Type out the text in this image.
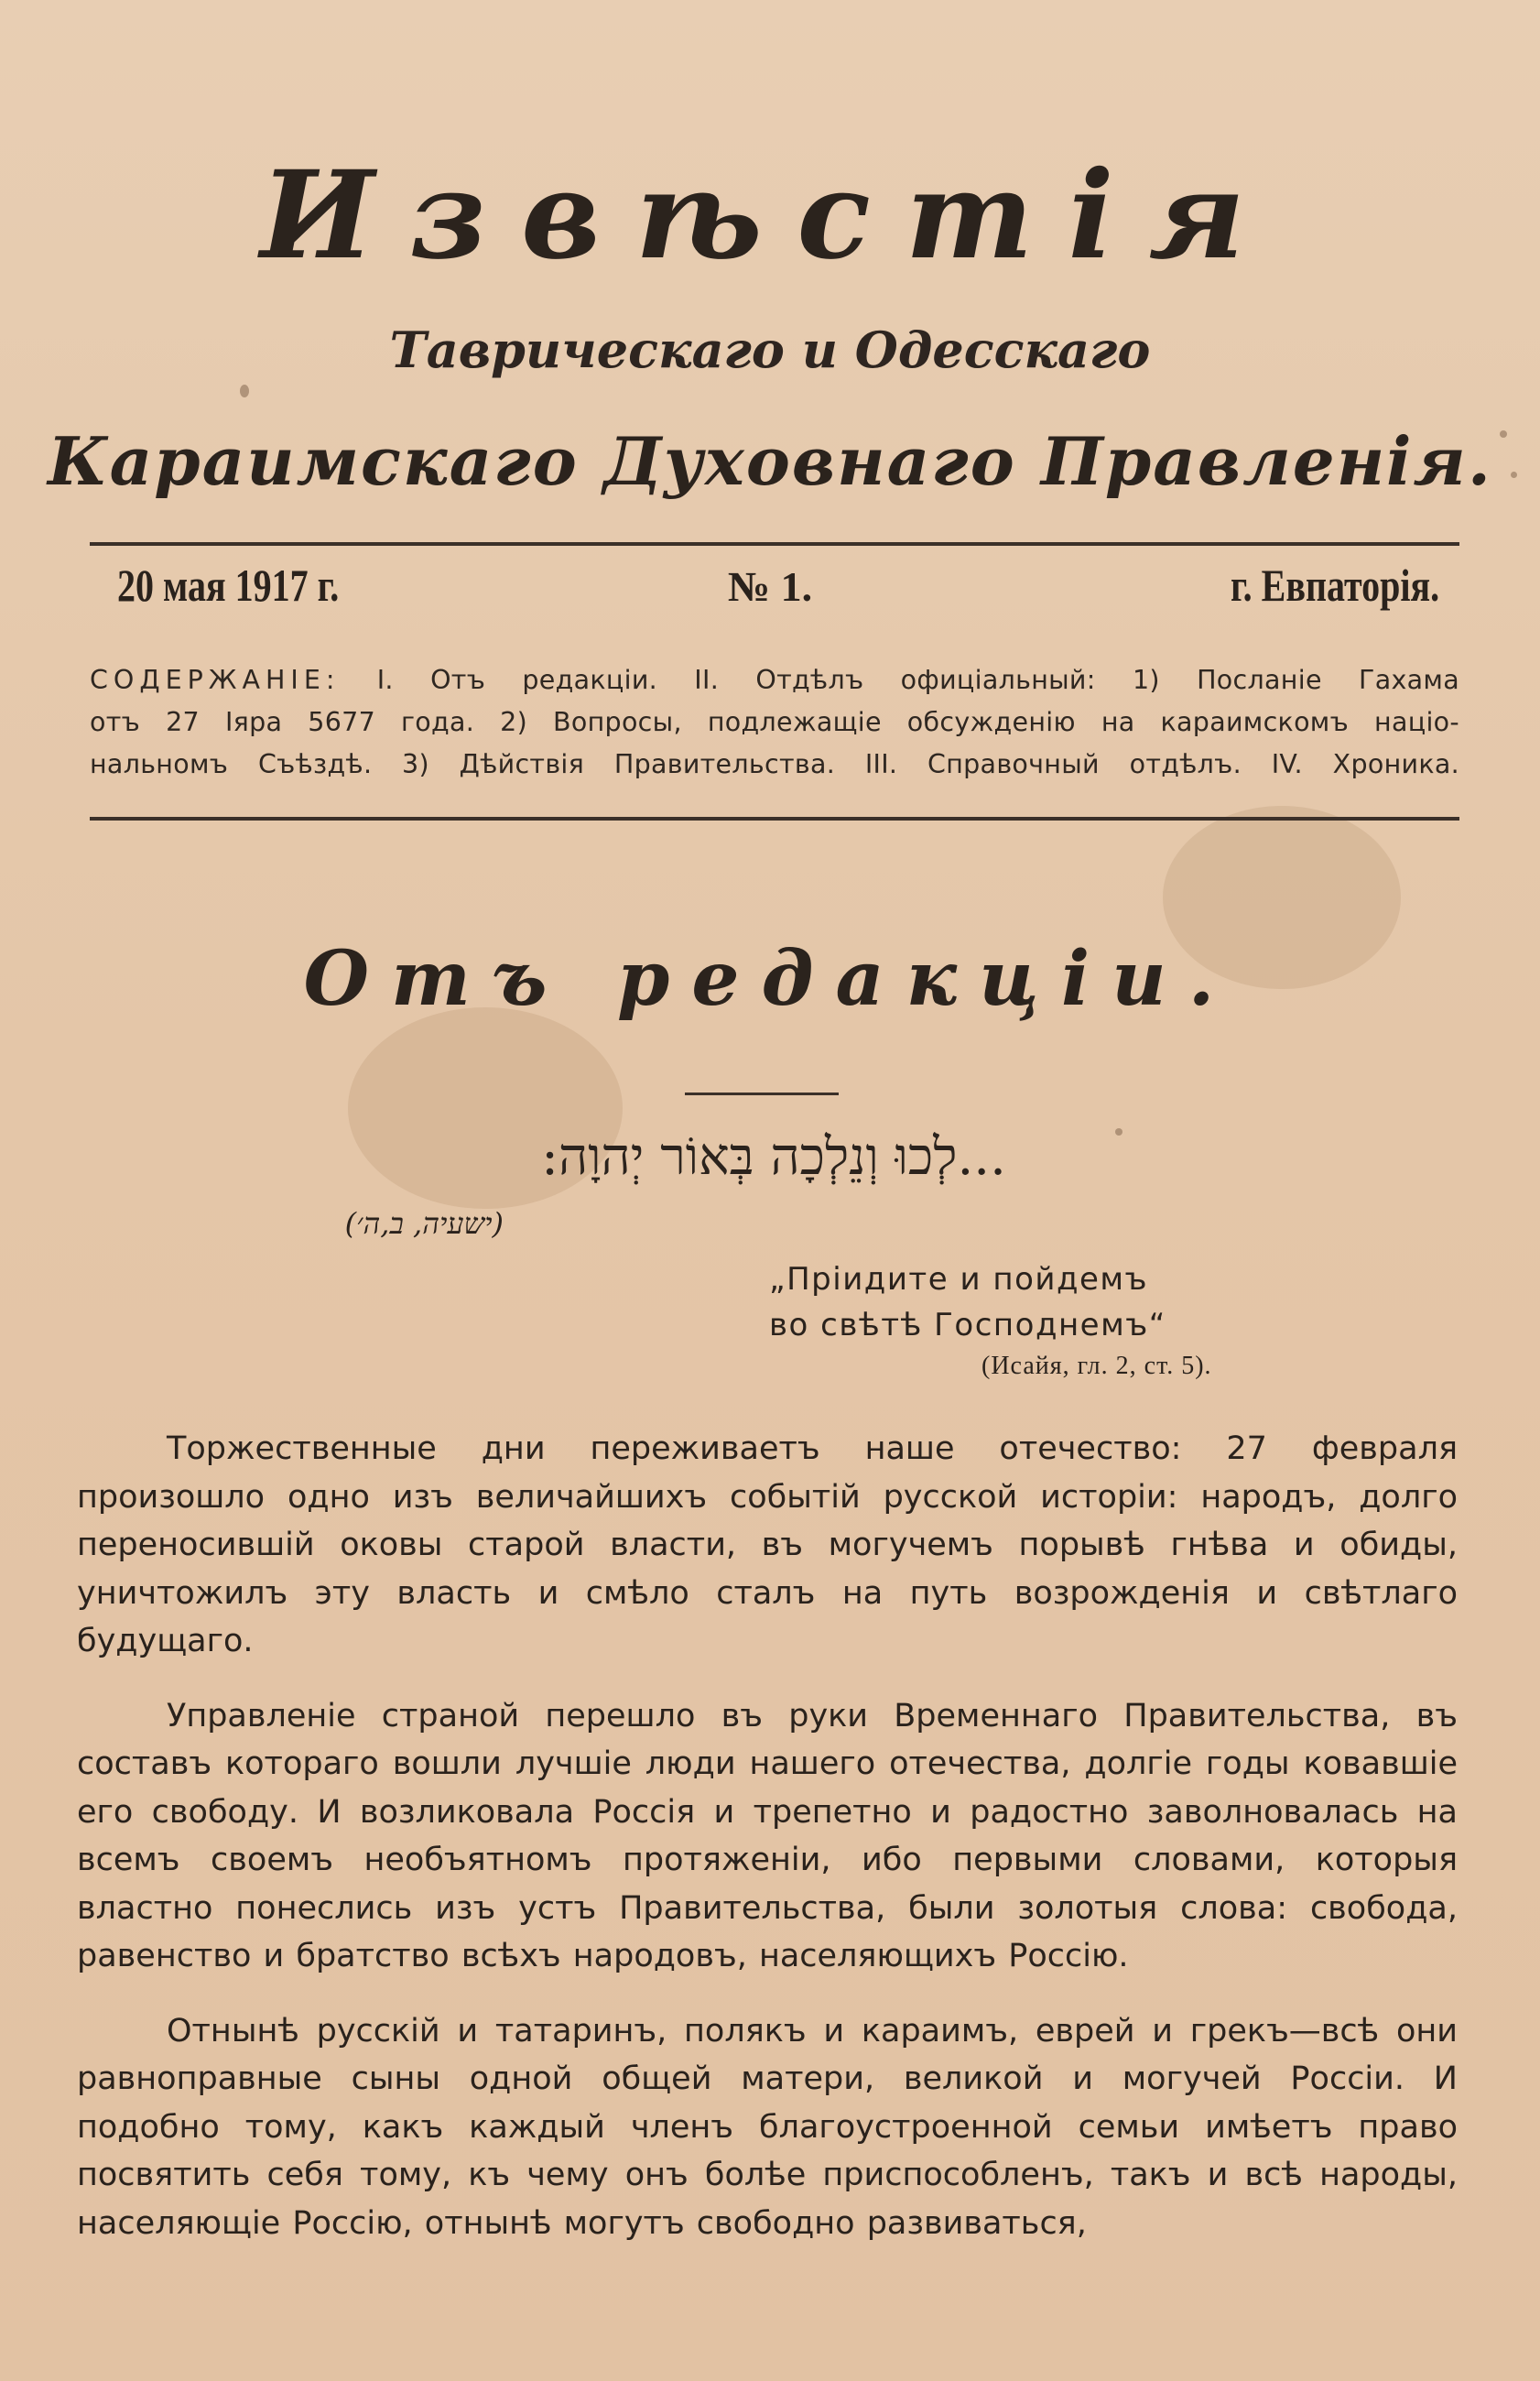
Извѣстія
Таврическаго и Одесскаго
Караимскаго Духовнаго Правленія.
20 мая 1917 г.	№ 1.	г. Евпаторія.
СОДЕРЖАНІЕ: I. Отъ редакціи. II. Отдѣлъ офиціальный: 1) Посланіе Гахама
отъ 27 Іяра 5677 года. 2) Вопросы, подлежащіе обсужденію на караимскомъ націо-
нальномъ Съѣздѣ. 3) Дѣйствія Правительства. III. Справочный отдѣлъ. IV. Хроника.
Отъ редакціи.
...לְכוּ וְנֵלְכָה בְּאוֹר יְהוָה:
(ישעיה, ב,ה׳)
„Пріидите и пойдемъ
во свѣтѣ Господнемъ“
(Исайя, гл. 2, ст. 5).

Торжественные дни переживаетъ наше отечество: 27 февраля произошло одно изъ величайшихъ событій русской исторіи: народъ, долго переносившій оковы старой власти, въ могучемъ порывѣ гнѣва и обиды, уничтожилъ эту власть и смѣло сталъ на путь возрожденія и свѣтлаго будущаго.

Управленіе страной перешло въ руки Временнаго Правительства, въ составъ котораго вошли лучшіе люди нашего отечества, долгіе годы ковавшіе его свободу. И возликовала Россія и трепетно и радостно заволновалась на всемъ своемъ необъятномъ протяженіи, ибо первыми словами, которыя властно понеслись изъ устъ Правительства, были золотыя слова: свобода, равенство и братство всѣхъ народовъ, населяющихъ Россію.

Отнынѣ русскій и татаринъ, полякъ и караимъ, еврей и грекъ—всѣ они равноправные сыны одной общей матери, великой и могучей Россіи. И подобно тому, какъ каждый членъ благоустроенной семьи имѣетъ право посвятить себя тому, къ чему онъ болѣе приспособленъ, такъ и всѣ народы, населяющіе Россію, отнынѣ могутъ свободно развиваться,
